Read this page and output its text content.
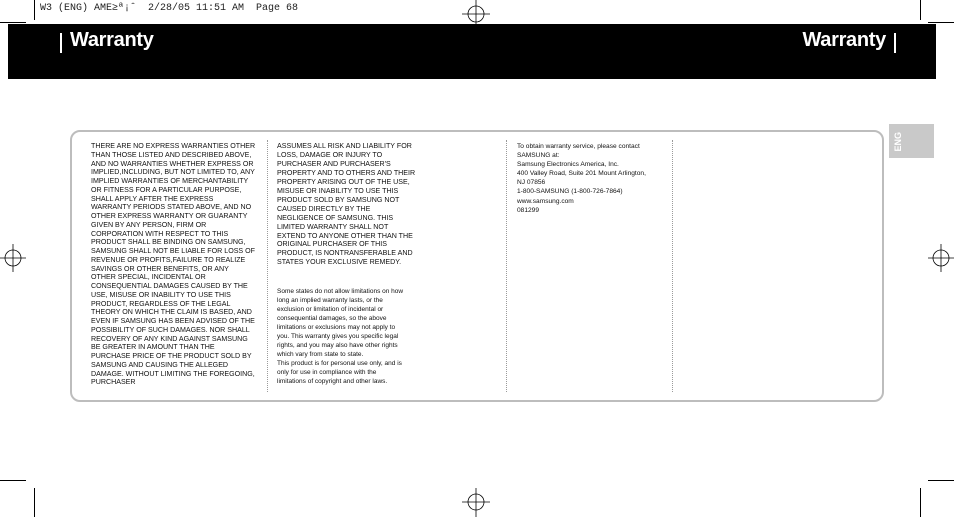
W3 (ENG) AME≥ª¡ˆ  2/28/05 11:51 AM  Page 68
Warranty	Warranty
ENG

THERE ARE NO EXPRESS WARRANTIES OTHER
THAN THOSE LISTED AND DESCRIBED ABOVE,
AND NO WARRANTIES WHETHER EXPRESS OR
IMPLIED,INCLUDING, BUT NOT LIMITED TO, ANY
IMPLIED WARRANTIES OF MERCHANTABILITY
OR FITNESS FOR A PARTICULAR PURPOSE,
SHALL APPLY AFTER THE EXPRESS
WARRANTY PERIODS STATED ABOVE, AND NO
OTHER EXPRESS WARRANTY OR GUARANTY
GIVEN BY ANY PERSON, FIRM OR
CORPORATION WITH RESPECT TO THIS
PRODUCT SHALL BE BINDING ON SAMSUNG,
SAMSUNG SHALL NOT BE LIABLE FOR LOSS OF
REVENUE OR PROFITS,FAILURE TO REALIZE
SAVINGS OR OTHER BENEFITS, OR ANY
OTHER SPECIAL, INCIDENTAL OR
CONSEQUENTIAL DAMAGES CAUSED BY THE
USE, MISUSE OR INABILITY TO USE THIS
PRODUCT, REGARDLESS OF THE LEGAL
THEORY ON WHICH THE CLAIM IS BASED, AND
EVEN IF SAMSUNG HAS BEEN ADVISED OF THE
POSSIBILITY OF SUCH DAMAGES. NOR SHALL
RECOVERY OF ANY KIND AGAINST SAMSUNG
BE GREATER IN AMOUNT THAN THE
PURCHASE PRICE OF THE PRODUCT SOLD BY
SAMSUNG AND CAUSING THE ALLEGED
DAMAGE. WITHOUT LIMITING THE FOREGOING,
PURCHASER

ASSUMES ALL RISK AND LIABILITY FOR
LOSS, DAMAGE OR INJURY TO
PURCHASER AND PURCHASER'S
PROPERTY AND TO OTHERS AND THEIR
PROPERTY ARISING OUT OF THE USE,
MISUSE OR INABILITY TO USE THIS
PRODUCT SOLD BY SAMSUNG NOT
CAUSED DIRECTLY BY THE
NEGLIGENCE OF SAMSUNG. THIS
LIMITED WARRANTY SHALL NOT
EXTEND TO ANYONE OTHER THAN THE
ORIGINAL PURCHASER OF THIS
PRODUCT, IS NONTRANSFERABLE AND
STATES YOUR EXCLUSIVE REMEDY.

Some states do not allow limitations on how
long an implied warranty lasts, or the
exclusion or limitation of incidental or
consequential damages, so the above
limitations or exclusions may not apply to
you. This warranty gives you specific legal
rights, and you may also have other rights
which vary from state to state.
This product is for personal use only, and is
only for use in compliance with the
limitations of copyright and other laws.

To obtain warranty service, please contact
SAMSUNG at:
Samsung Electronics America, Inc.
400 Valley Road, Suite 201 Mount Arlington,
NJ 07856
1-800-SAMSUNG (1-800-726-7864)
www.samsung.com
081299
